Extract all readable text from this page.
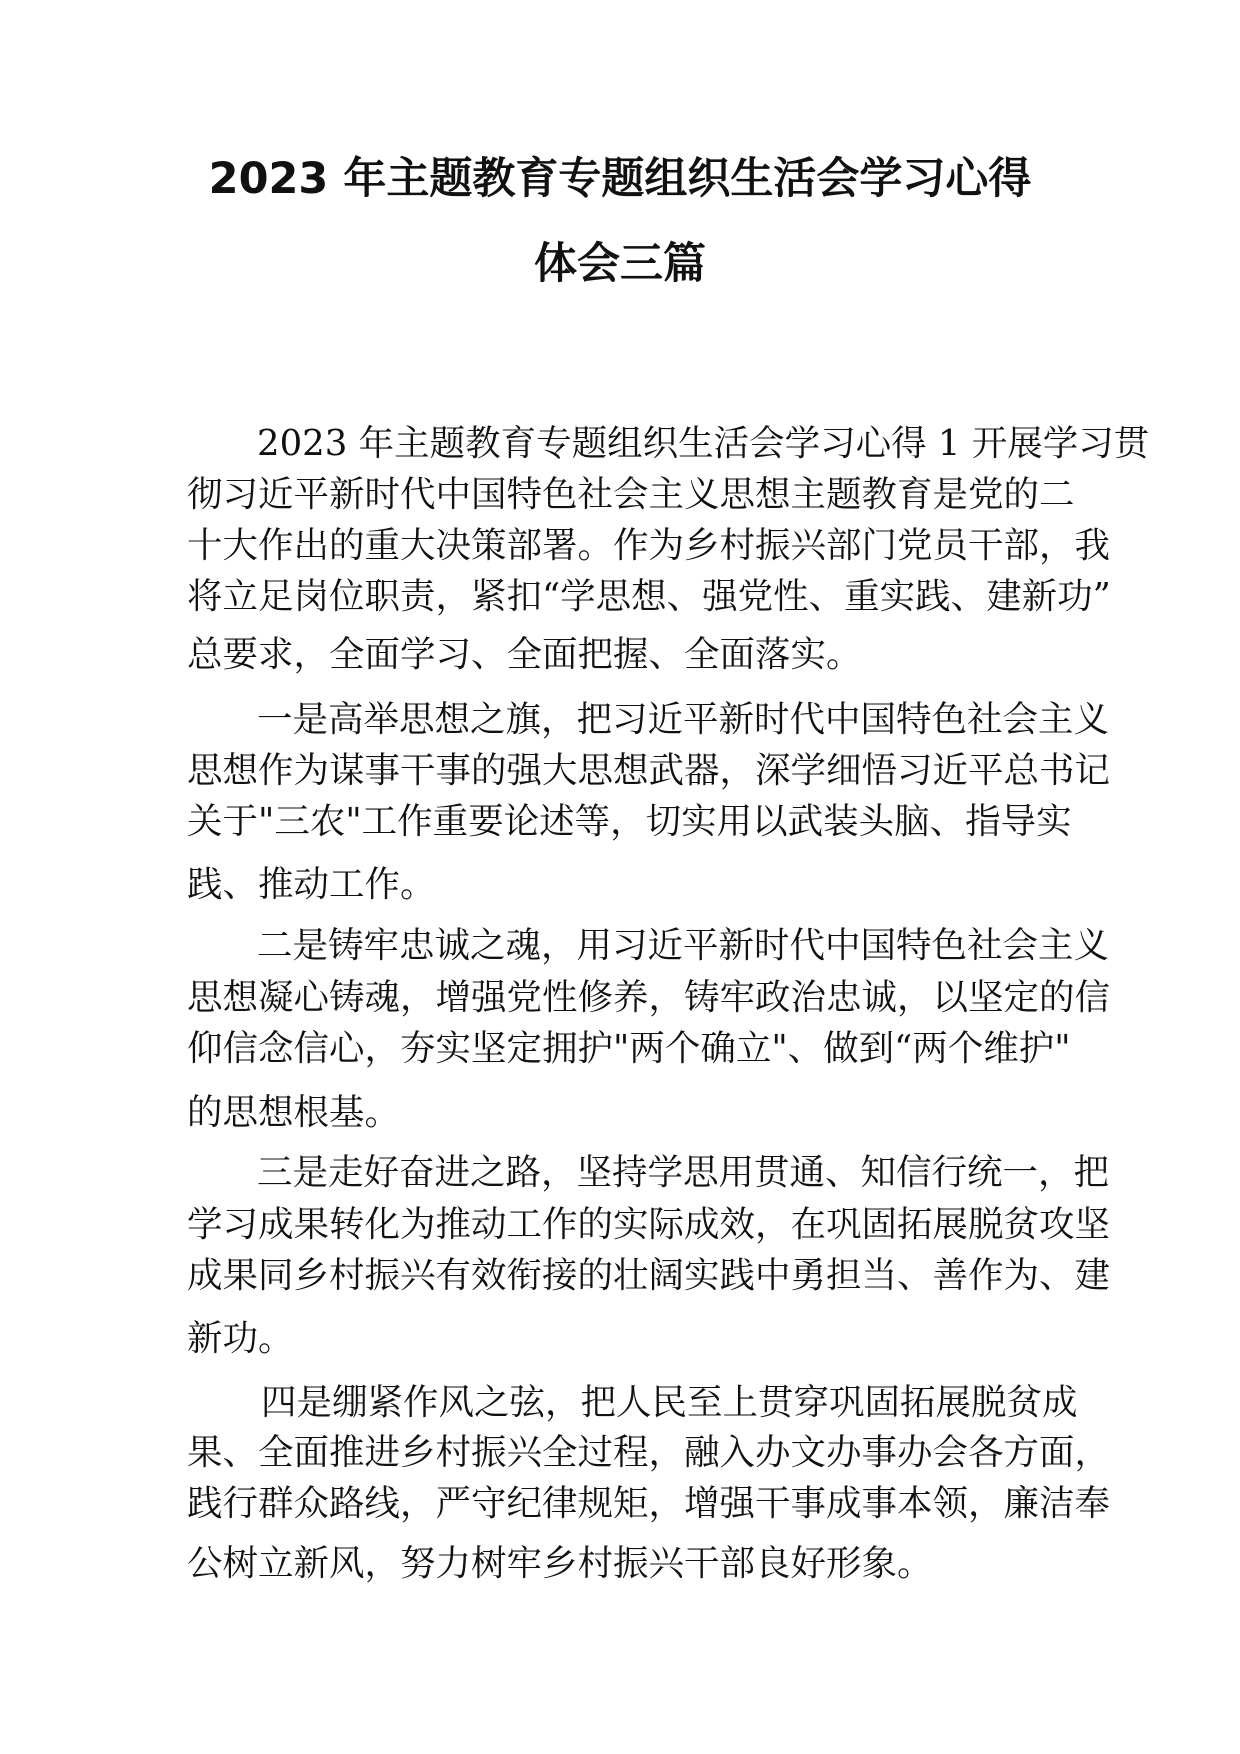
2023 年主题教育专题组织生活会学习心得
体会三篇
2023 年主题教育专题组织生活会学习心得 1 开展学习贯
彻习近平新时代中国特色社会主义思想主题教育是党的二
十大作出的重大决策部署。作为乡村振兴部门党员干部，我
将立足岗位职责，紧扣“学思想、强党性、重实践、建新功”
总要求，全面学习、全面把握、全面落实。
一是高举思想之旗，把习近平新时代中国特色社会主义
思想作为谋事干事的强大思想武器，深学细悟习近平总书记
关于"三农"工作重要论述等，切实用以武装头脑、指导实
践、推动工作。
二是铸牢忠诚之魂，用习近平新时代中国特色社会主义
思想凝心铸魂，增强党性修养，铸牢政治忠诚，以坚定的信
仰信念信心，夯实坚定拥护"两个确立"、做到“两个维护"
的思想根基。
三是走好奋进之路，坚持学思用贯通、知信行统一，把
学习成果转化为推动工作的实际成效，在巩固拓展脱贫攻坚
成果同乡村振兴有效衔接的壮阔实践中勇担当、善作为、建
新功。
四是绷紧作风之弦，把人民至上贯穿巩固拓展脱贫成
果、全面推进乡村振兴全过程，融入办文办事办会各方面，
践行群众路线，严守纪律规矩，增强干事成事本领，廉洁奉
公树立新风，努力树牢乡村振兴干部良好形象。
